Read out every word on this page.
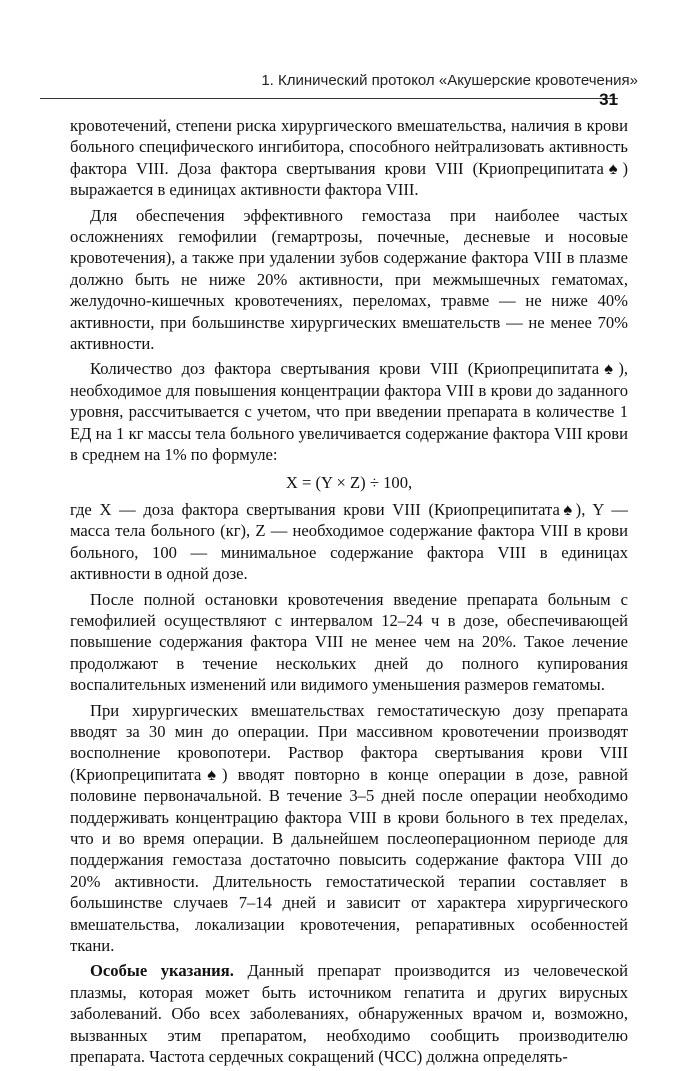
1. Клинический протокол «Акушерские кровотечения»
31

кровотечений, степени риска хирургического вмешательства, наличия в крови больного специфического ингибитора, способного нейтрализовать активность фактора VIII. Доза фактора свертывания крови VIII (Криопреципитата♠) выражается в единицах активности фактора VIII.

Для обеспечения эффективного гемостаза при наиболее частых осложнениях гемофилии (гемартрозы, почечные, десневые и носовые кровотечения), а также при удалении зубов содержание фактора VIII в плазме должно быть не ниже 20% активности, при межмышечных гематомах, желудочно-кишечных кровотечениях, переломах, травме — не ниже 40% активности, при большинстве хирургических вмешательств — не менее 70% активности.

Количество доз фактора свертывания крови VIII (Криопреципитата♠), необходимое для повышения концентрации фактора VIII в крови до заданного уровня, рассчитывается с учетом, что при введении препарата в количестве 1 ЕД на 1 кг массы тела больного увеличивается содержание фактора VIII крови в среднем на 1% по формуле:

X = (Y × Z) ÷ 100,

где X — доза фактора свертывания крови VIII (Криопреципитата♠), Y — масса тела больного (кг), Z — необходимое содержание фактора VIII в крови больного, 100 — минимальное содержание фактора VIII в единицах активности в одной дозе.

После полной остановки кровотечения введение препарата больным с гемофилией осуществляют с интервалом 12–24 ч в дозе, обеспечивающей повышение содержания фактора VIII не менее чем на 20%. Такое лечение продолжают в течение нескольких дней до полного купирования воспалительных изменений или видимого уменьшения размеров гематомы.

При хирургических вмешательствах гемостатическую дозу препарата вводят за 30 мин до операции. При массивном кровотечении производят восполнение кровопотери. Раствор фактора свертывания крови VIII (Криопреципитата♠) вводят повторно в конце операции в дозе, равной половине первоначальной. В течение 3–5 дней после операции необходимо поддерживать концентрацию фактора VIII в крови больного в тех пределах, что и во время операции. В дальнейшем послеоперационном периоде для поддержания гемостаза достаточно повысить содержание фактора VIII до 20% активности. Длительность гемостатической терапии составляет в большинстве случаев 7–14 дней и зависит от характера хирургического вмешательства, локализации кровотечения, репаративных особенностей ткани.

Особые указания. Данный препарат производится из человеческой плазмы, которая может быть источником гепатита и других вирусных заболеваний. Обо всех заболеваниях, обнаруженных врачом и, возможно, вызванных этим препаратом, необходимо сообщить производителю препарата. Частота сердечных сокращений (ЧСС) должна определять-
